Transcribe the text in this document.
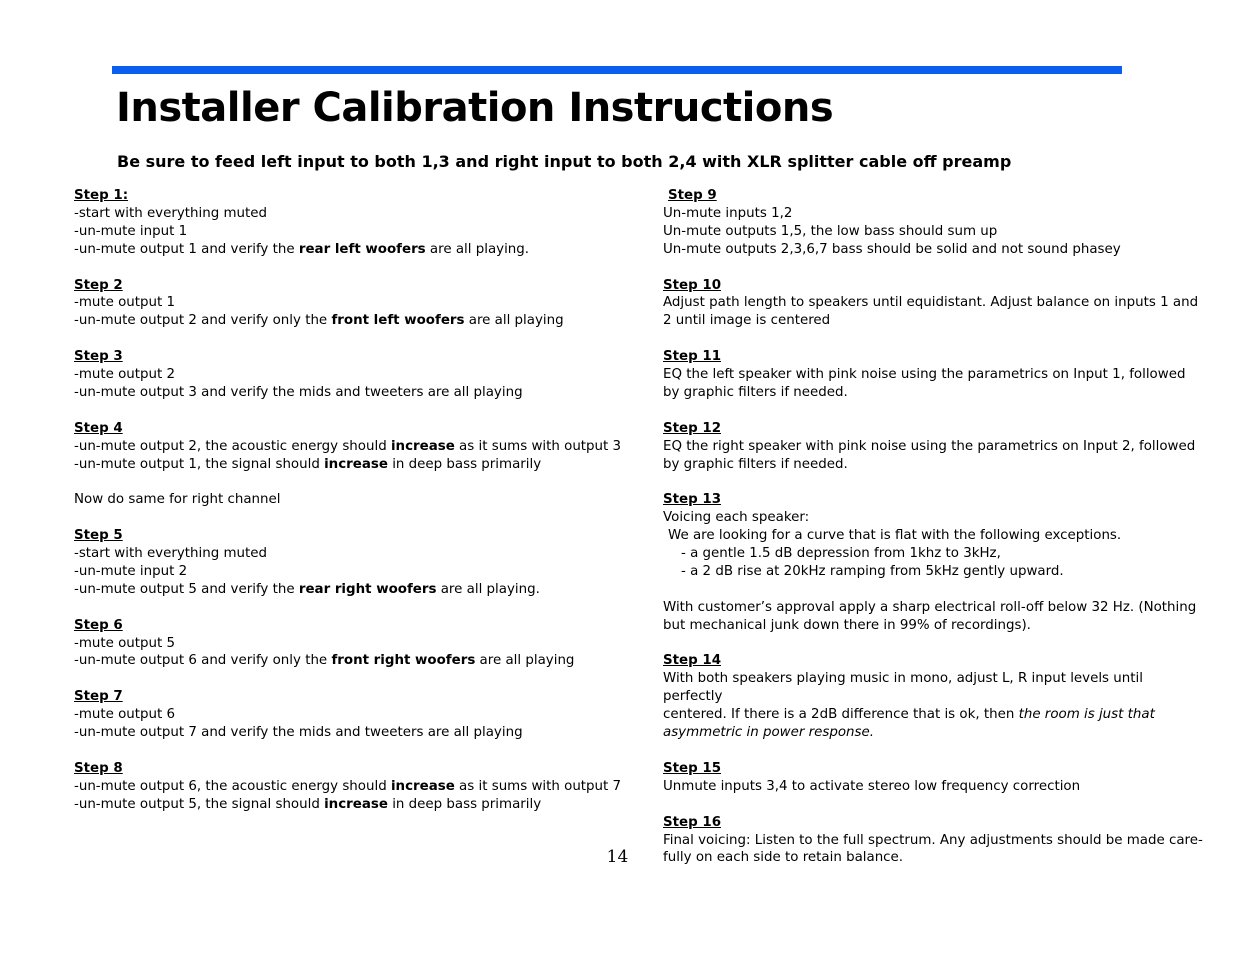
Installer Calibration Instructions

Be sure to feed left input to both 1,3 and right input to both 2,4 with XLR splitter cable off preamp

Step 1:
-start with everything muted
-un-mute input 1
-un-mute output 1 and verify the rear left woofers are all playing.
Step 2
-mute output 1
-un-mute output 2 and verify only the front left woofers are all playing
Step 3
-mute output 2
-un-mute output 3 and verify the mids and tweeters are all playing
Step 4
-un-mute output 2, the acoustic energy should increase as it sums with output 3
-un-mute output 1, the signal should increase in deep bass primarily
Now do same for right channel
Step 5
-start with everything muted
-un-mute input 2
-un-mute output 5 and verify the rear right woofers are all playing.
Step 6
-mute output 5
-un-mute output 6 and verify only the front right woofers are all playing
Step 7
-mute output 6
-un-mute output 7 and verify the mids and tweeters are all playing
Step 8
-un-mute output 6, the acoustic energy should increase as it sums with output 7
-un-mute output 5, the signal should increase in deep bass primarily
Step 9
Un-mute inputs 1,2
Un-mute outputs 1,5, the low bass should sum up
Un-mute outputs 2,3,6,7 bass should be solid and not sound phasey
Step 10
Adjust path length to speakers until equidistant. Adjust balance on inputs 1 and
2 until image is centered
Step 11
EQ the left speaker with pink noise using the parametrics on Input 1, followed
by graphic filters if needed.
Step 12
EQ the right speaker with pink noise using the parametrics on Input 2, followed
by graphic filters if needed.
Step 13
Voicing each speaker:
We are looking for a curve that is flat with the following exceptions.
- a gentle 1.5 dB depression from 1khz to 3kHz,
- a 2 dB rise at 20kHz ramping from 5kHz gently upward.
With customer’s approval apply a sharp electrical roll-off below 32 Hz. (Nothing
but mechanical junk down there in 99% of recordings).
Step 14
With both speakers playing music in mono, adjust L, R input levels until perfectly
centered. If there is a 2dB difference that is ok, then the room is just that
asymmetric in power response.
Step 15
Unmute inputs 3,4 to activate stereo low frequency correction
Step 16
Final voicing: Listen to the full spectrum. Any adjustments should be made care-
fully on each side to retain balance.
14
